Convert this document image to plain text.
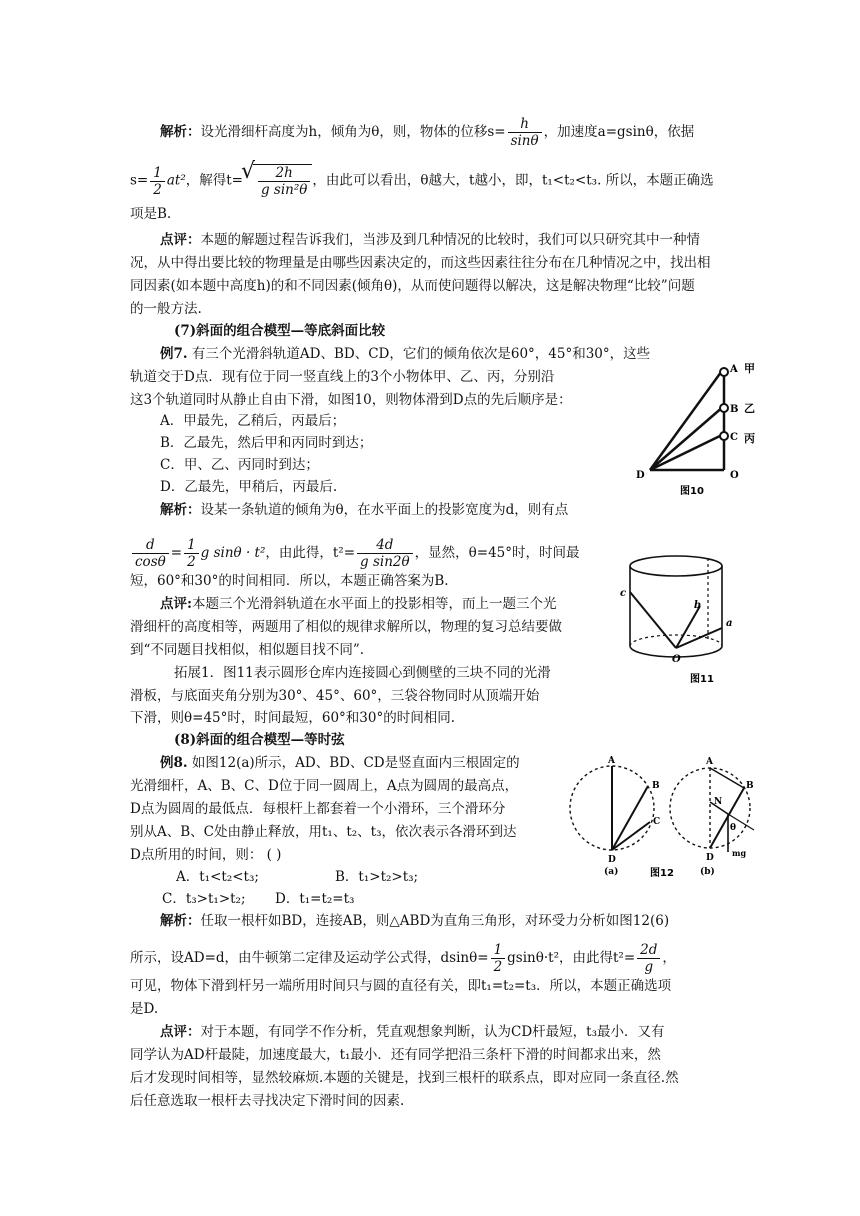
解析：设光滑细杆高度为h，倾角为θ，则，物体的位移$s= \frac{h}{\sin\theta}$ ，加速度a=gsinθ，依据
$s= \frac{1}{2} at^2$，解得t=
√ $\frac{2h}{\text{g sin²θ}}$ ，由此可以看出，θ越大，t越小，即，t₁<t₂<t₃. 所以，本题正确选
项是B.
点评：本题的解题过程告诉我们，当涉及到几种情况的比较时，我们可以只研究其中一种情
况，从中得出要比较的物理量是由哪些因素决定的，而这些因素往往分布在几种情况之中，找出相
同因素(如本题中高度h)的和不同因素(倾角θ)，从而使问题得以解决，这是解决物理“比较”问题
的一般方法.
(7)斜面的组合模型—等底斜面比较
例7. 有三个光滑斜轨道AD、BD、CD，它们的倾角依次是60°，45°和30°，这些
轨道交于D点．现有位于同一竖直线上的3个小物体甲、乙、丙，分别沿
这3个轨道同时从静止自由下滑，如图10，则物体滑到D点的先后顺序是：
A．甲最先，乙稍后，丙最后；
B．乙最先，然后甲和丙同时到达；
C．甲、乙、丙同时到达；
D．乙最先，甲稍后，丙最后.
解析：设某一条轨道的倾角为θ，在水平面上的投影宽度为d，则有点
$\frac{d}{\cos\theta} = \frac{1}{2}$ g sinθ · t²，由此得，$t^2= \frac{4d}{\text{g sin2θ}}$ ，显然，θ=45°时，时间最
短，60°和30°的时间相同．所以，本题正确答案为B.
点评:本题三个光滑斜轨道在水平面上的投影相等，而上一题三个光
滑细杆的高度相等，两题用了相似的规律求解所以，物理的复习总结要做
到“不同题目找相似，相似题目找不同”.
拓展1．图11表示圆形仓库内连接圆心到侧壁的三块不同的光滑
滑板，与底面夹角分别为30°、45°、60°，三袋谷物同时从顶端开始
下滑，则θ=45°时，时间最短，60°和30°的时间相同.
(8)斜面的组合模型—等时弦
例8. 如图12(a)所示，AD、BD、CD是竖直面内三根固定的
光滑细杆，A、B、C、D位于同一圆周上，A点为圆周的最高点，
D点为圆周的最低点．每根杆上都套着一个小滑环，三个滑环分
别从A、B、C处由静止释放，用t₁、t₂、t₃，依次表示各滑环到达
D点所用的时间，则： ( )
A．t₁<t₂<t₃;	B．t₁>t₂>t₃;
C．t₃>t₁>t₂;	D．t₁=t₂=t₃
解析：任取一根杆如BD，连接AB，则△ABD为直角三角形，对环受力分析如图12(6)
所示，设AD=d，由牛顿第二定律及运动学公式得，$dsin\theta= \frac{1}{2} gsin\theta\cdot t^2$，由此得$t^2= \frac{2d}{g}$ ，
可见，物体下滑到杆另一端所用时间只与圆的直径有关，即t₁=t₂=t₃．所以，本题正确选项
是D.
点评：对于本题，有同学不作分析，凭直观想象判断，认为CD杆最短，t₃最小．又有
同学认为AD杆最陡，加速度最大，t₁最小．还有同学把沿三条杆下滑的时间都求出来，然
后才发现时间相等，显然较麻烦.本题的关键是，找到三根杆的联系点，即对应同一条直径.然
后任意选取一根杆去寻找决定下滑时间的因素.
A 甲
B 乙
C 丙
D	O
图10
c
b
a
O
图11
A
B
C
D
(a)
A
B
N
θ
mg
D
(b)
图12
